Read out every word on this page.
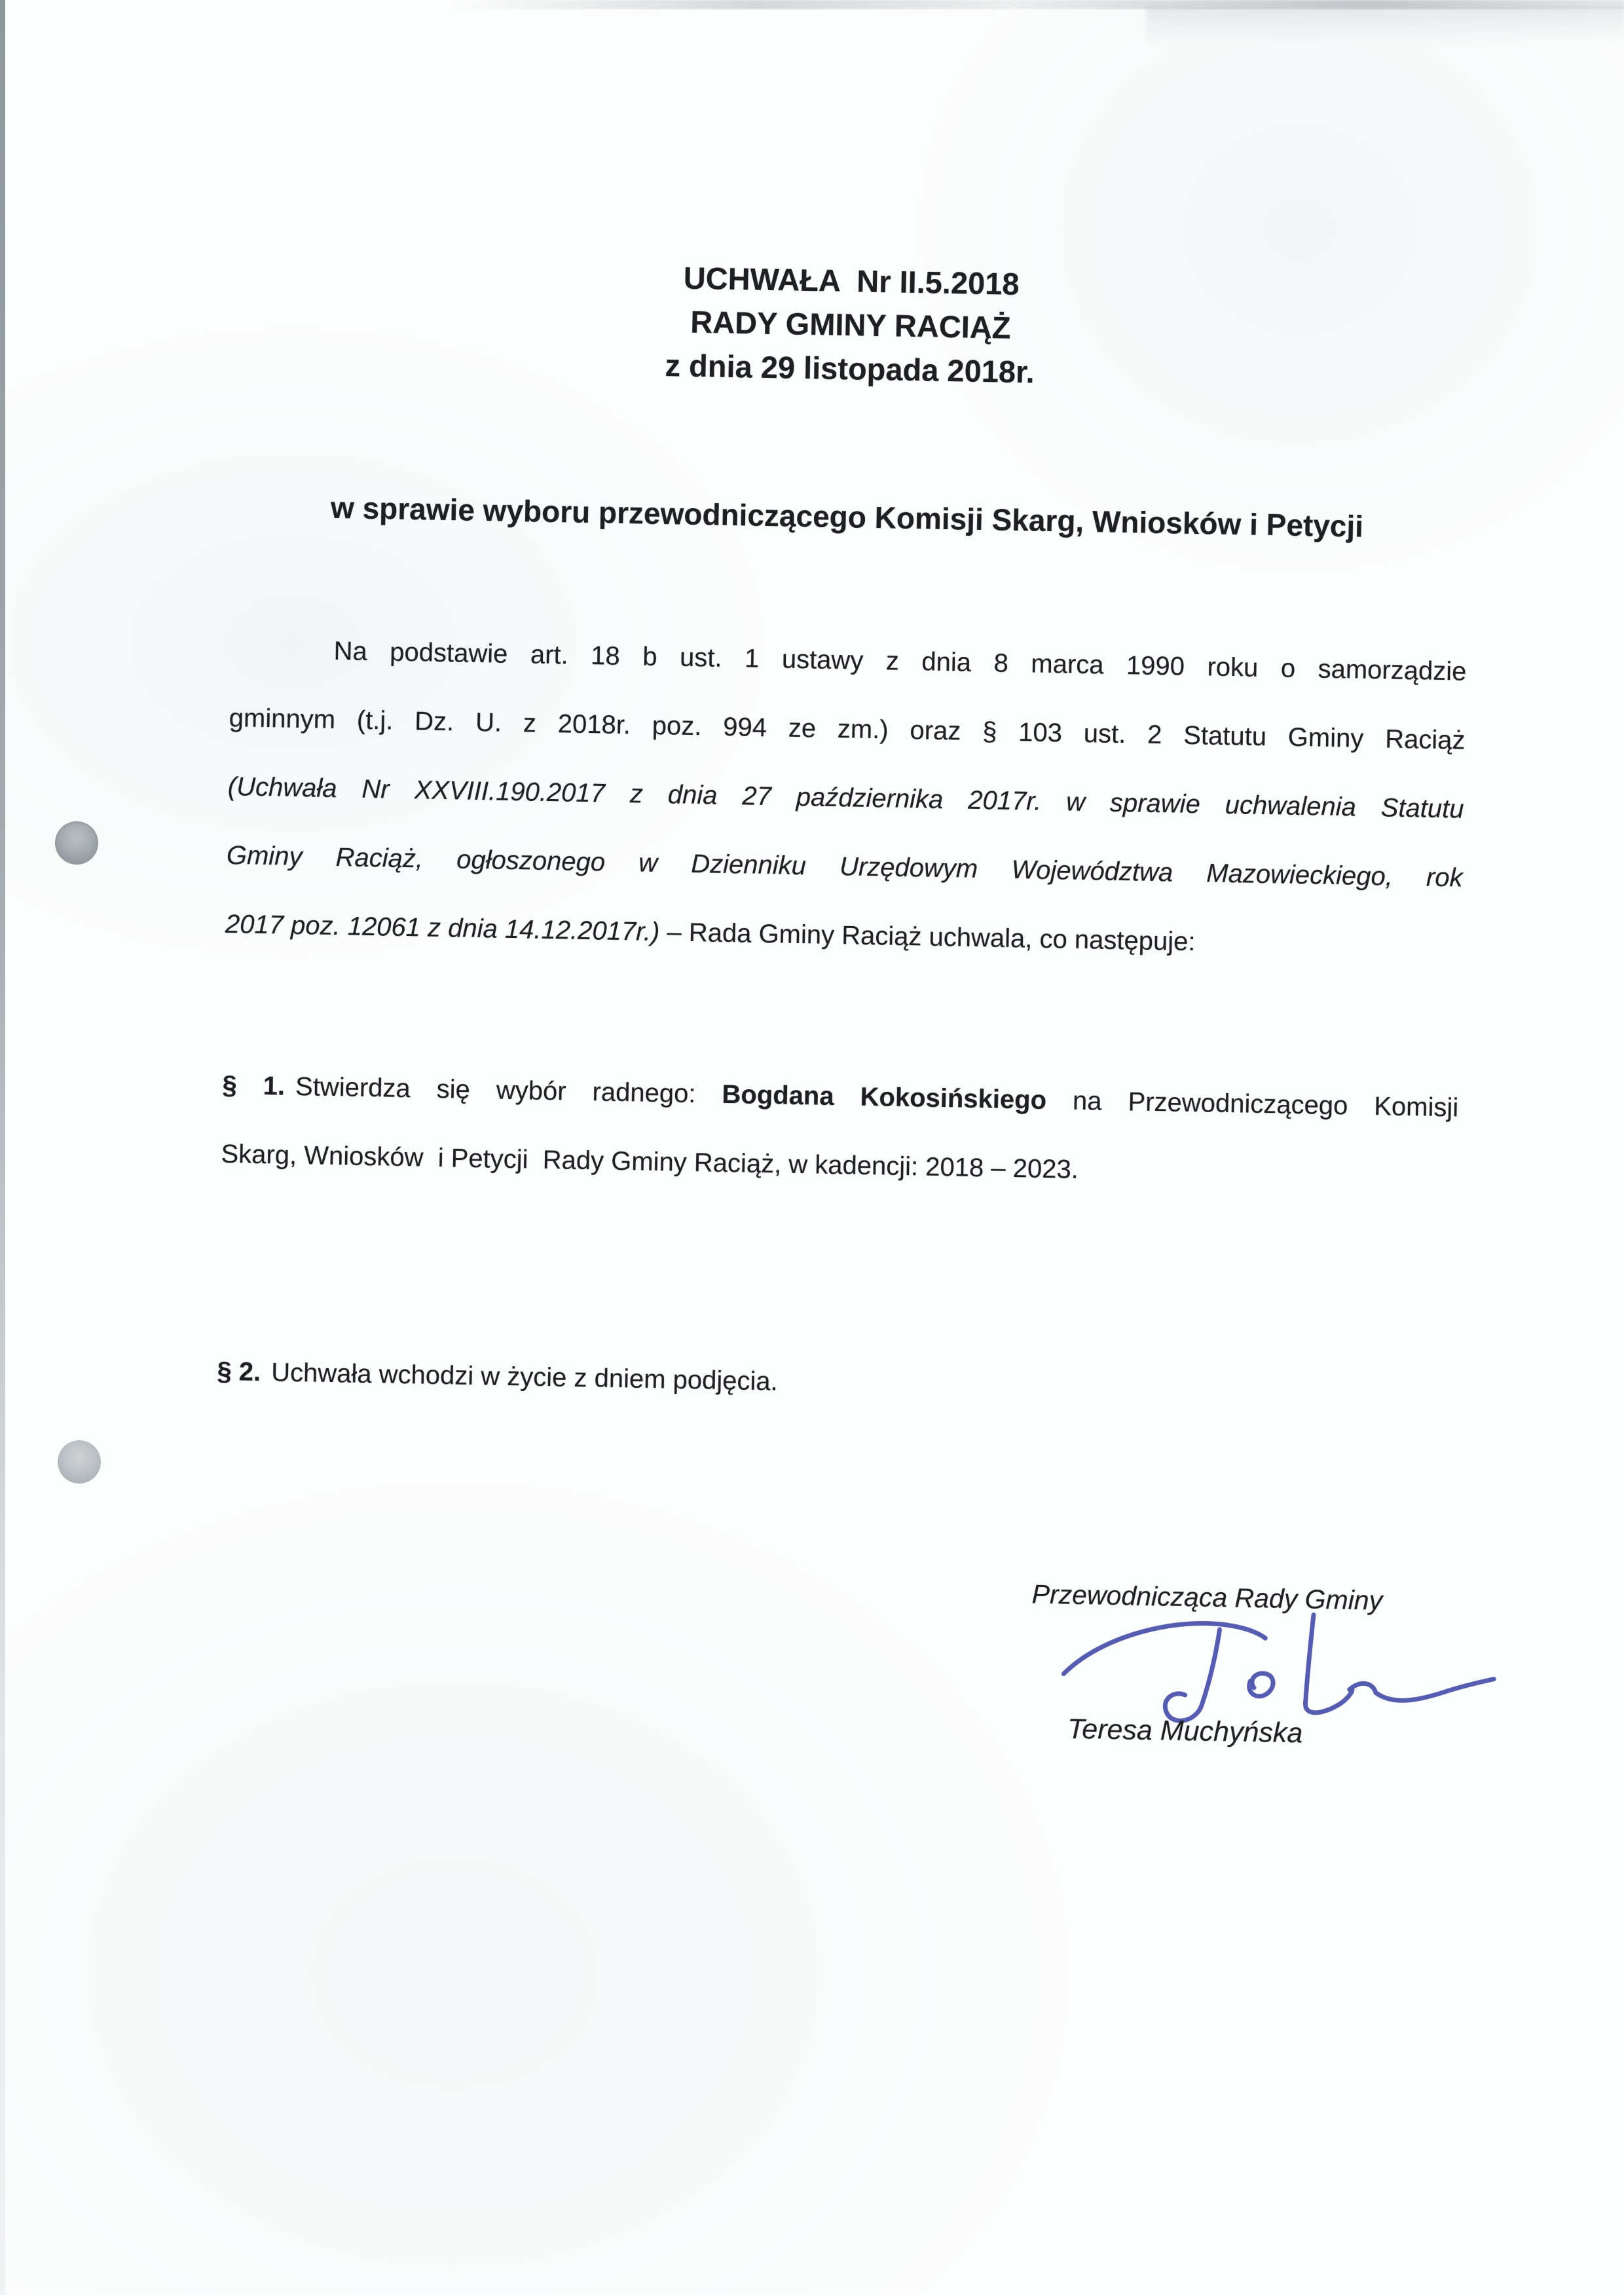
UCHWAŁA  Nr II.5.2018
RADY GMINY RACIĄŻ
z dnia 29 listopada 2018r.
w sprawie wyboru przewodniczącego Komisji Skarg, Wniosków i Petycji
Na podstawie art. 18 b ust. 1 ustawy z dnia 8 marca 1990 roku o samorządzie
gminnym (t.j. Dz. U. z 2018r. poz. 994 ze zm.) oraz § 103 ust. 2 Statutu Gminy Raciąż
(Uchwała Nr XXVIII.190.2017 z dnia 27 października 2017r. w sprawie uchwalenia Statutu
Gminy Raciąż, ogłoszonego w Dzienniku Urzędowym Województwa Mazowieckiego, rok
2017 poz. 12061 z dnia 14.12.2017r.) – Rada Gminy Raciąż uchwala, co następuje:
§ 1. Stwierdza się wybór radnego: Bogdana Kokosińskiego na Przewodniczącego Komisji
Skarg, Wniosków  i Petycji  Rady Gminy Raciąż, w kadencji: 2018 – 2023.
§ 2. Uchwała wchodzi w życie z dniem podjęcia.
Przewodnicząca Rady Gminy
Teresa Muchyńska
